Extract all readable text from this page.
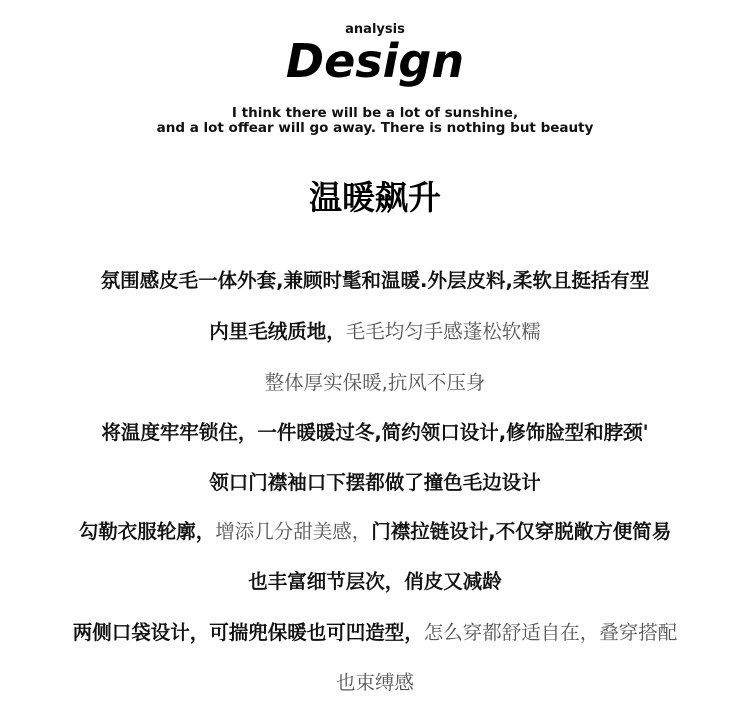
analysis
Design
I think there will be a lot of sunshine,
and a lot offear will go away. There is nothing but beauty
温暖飙升
氛围感皮毛一体外套,兼顾时髦和温暖.外层皮料,柔软且挺括有型
内里毛绒质地，毛毛均匀手感蓬松软糯
整体厚实保暖,抗风不压身
将温度牢牢锁住，一件暖暖过冬,简约领口设计,修饰脸型和脖颈'
领口门襟袖口下摆都做了撞色毛边设计
勾勒衣服轮廓，增添几分甜美感，门襟拉链设计,不仅穿脱敞方便简易
也丰富细节层次，俏皮又减龄
两侧口袋设计，可揣兜保暖也可凹造型，怎么穿都舒适自在，叠穿搭配
也束缚感
